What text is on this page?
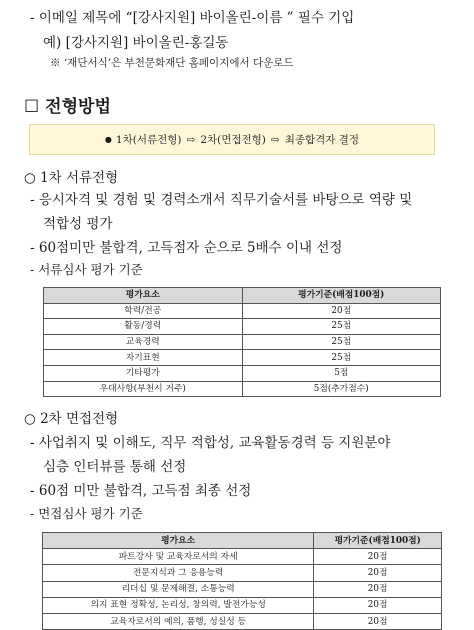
- 이메일 제목에 “[강사지원] 바이올린-이름 ” 필수 기입
예) [강사지원] 바이올린-홍길동
※ ‘재단서식’은 부천문화재단 홈페이지에서 다운로드
☐ 전형방법
● 1차(서류전형) ⇨ 2차(면접전형) ⇨ 최종합격자 결정
○ 1차 서류전형
- 응시자격 및 경험 및 경력소개서 직무기술서를 바탕으로 역량 및
적합성 평가
- 60점미만 불합격, 고득점자 순으로 5배수 이내 선정
- 서류심사 평가 기준
평가요소	평가기준(배점100점)
학력/전공	20점
활동/경력	25점
교육경력	25점
자기표현	25점
기타평가	5점
우대사항(부천시 거주)	5점(추가점수)
○ 2차 면접전형
- 사업취지 및 이해도, 직무 적합성, 교육활동경력 등 지원분야
심층 인터뷰를 통해 선정
- 60점 미만 불합격, 고득점 최종 선정
- 면접심사 평가 기준
평가요소	평가기준(배점100점)
파트강사 및 교육자로서의 자세	20점
전문지식과 그 응용능력	20점
리더십 및 문제해결, 소통능력	20점
의지 표현 정확성, 논리성, 창의력, 발전가능성	20점
교육자로서의 예의, 품행, 성실성 등	20점
